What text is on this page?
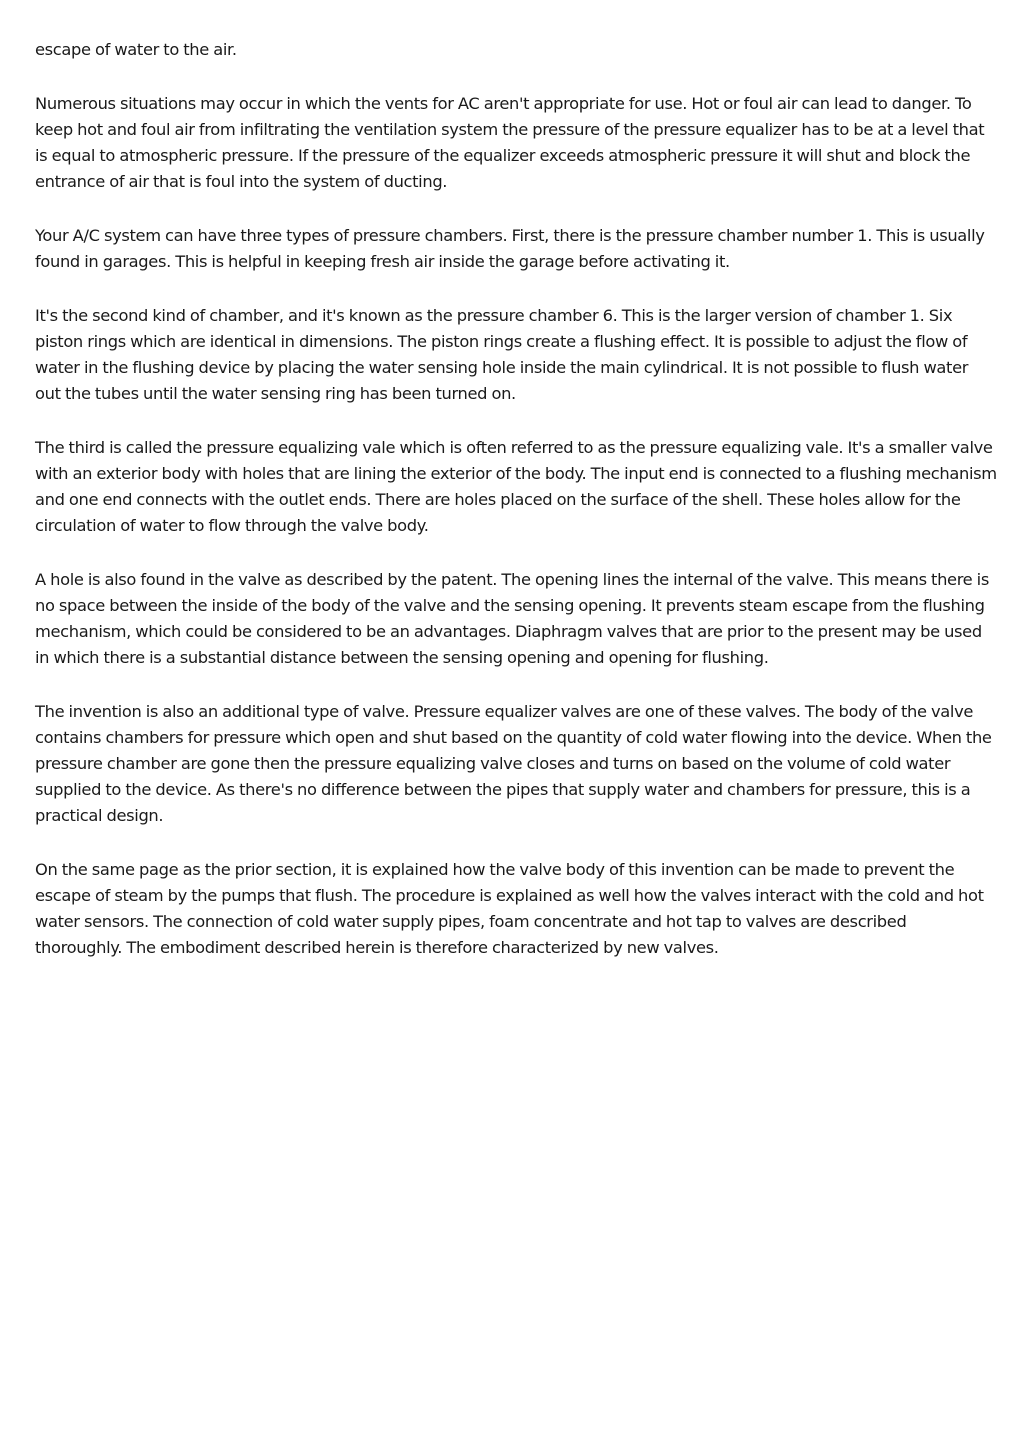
escape of water to the air.

Numerous situations may occur in which the vents for AC aren't appropriate for use. Hot or foul air can lead to danger. To keep hot and foul air from infiltrating the ventilation system the pressure of the pressure equalizer has to be at a level that is equal to atmospheric pressure. If the pressure of the equalizer exceeds atmospheric pressure it will shut and block the entrance of air that is foul into the system of ducting.

Your A/C system can have three types of pressure chambers. First, there is the pressure chamber number 1. This is usually found in garages. This is helpful in keeping fresh air inside the garage before activating it.

It's the second kind of chamber, and it's known as the pressure chamber 6. This is the larger version of chamber 1. Six piston rings which are identical in dimensions. The piston rings create a flushing effect. It is possible to adjust the flow of water in the flushing device by placing the water sensing hole inside the main cylindrical. It is not possible to flush water out the tubes until the water sensing ring has been turned on.

The third is called the pressure equalizing vale which is often referred to as the pressure equalizing vale. It's a smaller valve with an exterior body with holes that are lining the exterior of the body. The input end is connected to a flushing mechanism and one end connects with the outlet ends. There are holes placed on the surface of the shell. These holes allow for the circulation of water to flow through the valve body.

A hole is also found in the valve as described by the patent. The opening lines the internal of the valve. This means there is no space between the inside of the body of the valve and the sensing opening. It prevents steam escape from the flushing mechanism, which could be considered to be an advantages. Diaphragm valves that are prior to the present may be used in which there is a substantial distance between the sensing opening and opening for flushing.

The invention is also an additional type of valve. Pressure equalizer valves are one of these valves. The body of the valve contains chambers for pressure which open and shut based on the quantity of cold water flowing into the device. When the pressure chamber are gone then the pressure equalizing valve closes and turns on based on the volume of cold water supplied to the device. As there's no difference between the pipes that supply water and chambers for pressure, this is a practical design.

On the same page as the prior section, it is explained how the valve body of this invention can be made to prevent the escape of steam by the pumps that flush. The procedure is explained as well how the valves interact with the cold and hot water sensors. The connection of cold water supply pipes, foam concentrate and hot tap to valves are described thoroughly. The embodiment described herein is therefore characterized by new valves.
